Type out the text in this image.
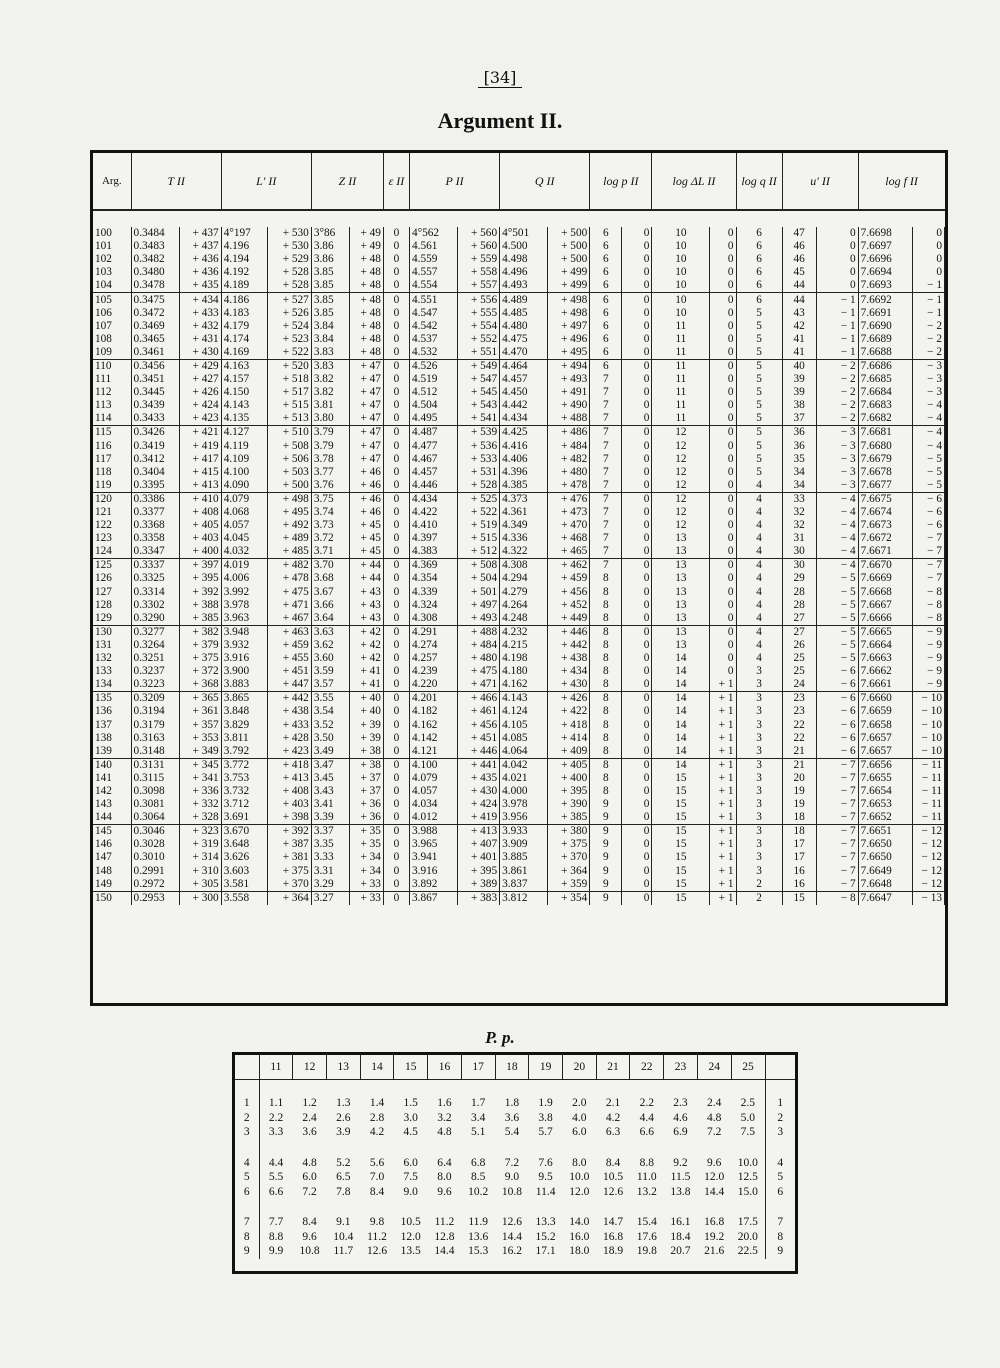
[34]
Argument II.
Arg.	T II		L′ II		Z II		ε II	P II		Q II		log p II		log ΔL II		log q II	u′ II		log f II	

100	0.3484	+ 437	4°197	+ 530	3°86	+ 49	0	4°562	+ 560	4°501	+ 500	6	0	10	0	6	47	0	7.6698	0
101	0.3483	+ 437	4.196	+ 530	3.86	+ 49	0	4.561	+ 560	4.500	+ 500	6	0	10	0	6	46	0	7.6697	0
102	0.3482	+ 436	4.194	+ 529	3.86	+ 48	0	4.559	+ 559	4.498	+ 500	6	0	10	0	6	46	0	7.6696	0
103	0.3480	+ 436	4.192	+ 528	3.85	+ 48	0	4.557	+ 558	4.496	+ 499	6	0	10	0	6	45	0	7.6694	0
104	0.3478	+ 435	4.189	+ 528	3.85	+ 48	0	4.554	+ 557	4.493	+ 499	6	0	10	0	6	44	0	7.6693	− 1
105	0.3475	+ 434	4.186	+ 527	3.85	+ 48	0	4.551	+ 556	4.489	+ 498	6	0	10	0	6	44	− 1	7.6692	− 1
106	0.3472	+ 433	4.183	+ 526	3.85	+ 48	0	4.547	+ 555	4.485	+ 498	6	0	10	0	5	43	− 1	7.6691	− 1
107	0.3469	+ 432	4.179	+ 524	3.84	+ 48	0	4.542	+ 554	4.480	+ 497	6	0	11	0	5	42	− 1	7.6690	− 2
108	0.3465	+ 431	4.174	+ 523	3.84	+ 48	0	4.537	+ 552	4.475	+ 496	6	0	11	0	5	41	− 1	7.6689	− 2
109	0.3461	+ 430	4.169	+ 522	3.83	+ 48	0	4.532	+ 551	4.470	+ 495	6	0	11	0	5	41	− 1	7.6688	− 2
110	0.3456	+ 429	4.163	+ 520	3.83	+ 47	0	4.526	+ 549	4.464	+ 494	6	0	11	0	5	40	− 2	7.6686	− 3
111	0.3451	+ 427	4.157	+ 518	3.82	+ 47	0	4.519	+ 547	4.457	+ 493	7	0	11	0	5	39	− 2	7.6685	− 3
112	0.3445	+ 426	4.150	+ 517	3.82	+ 47	0	4.512	+ 545	4.450	+ 491	7	0	11	0	5	39	− 2	7.6684	− 3
113	0.3439	+ 424	4.143	+ 515	3.81	+ 47	0	4.504	+ 543	4.442	+ 490	7	0	11	0	5	38	− 2	7.6683	− 4
114	0.3433	+ 423	4.135	+ 513	3.80	+ 47	0	4.495	+ 541	4.434	+ 488	7	0	11	0	5	37	− 2	7.6682	− 4
115	0.3426	+ 421	4.127	+ 510	3.79	+ 47	0	4.487	+ 539	4.425	+ 486	7	0	12	0	5	36	− 3	7.6681	− 4
116	0.3419	+ 419	4.119	+ 508	3.79	+ 47	0	4.477	+ 536	4.416	+ 484	7	0	12	0	5	36	− 3	7.6680	− 4
117	0.3412	+ 417	4.109	+ 506	3.78	+ 47	0	4.467	+ 533	4.406	+ 482	7	0	12	0	5	35	− 3	7.6679	− 5
118	0.3404	+ 415	4.100	+ 503	3.77	+ 46	0	4.457	+ 531	4.396	+ 480	7	0	12	0	5	34	− 3	7.6678	− 5
119	0.3395	+ 413	4.090	+ 500	3.76	+ 46	0	4.446	+ 528	4.385	+ 478	7	0	12	0	4	34	− 3	7.6677	− 5
120	0.3386	+ 410	4.079	+ 498	3.75	+ 46	0	4.434	+ 525	4.373	+ 476	7	0	12	0	4	33	− 4	7.6675	− 6
121	0.3377	+ 408	4.068	+ 495	3.74	+ 46	0	4.422	+ 522	4.361	+ 473	7	0	12	0	4	32	− 4	7.6674	− 6
122	0.3368	+ 405	4.057	+ 492	3.73	+ 45	0	4.410	+ 519	4.349	+ 470	7	0	12	0	4	32	− 4	7.6673	− 6
123	0.3358	+ 403	4.045	+ 489	3.72	+ 45	0	4.397	+ 515	4.336	+ 468	7	0	13	0	4	31	− 4	7.6672	− 7
124	0.3347	+ 400	4.032	+ 485	3.71	+ 45	0	4.383	+ 512	4.322	+ 465	7	0	13	0	4	30	− 4	7.6671	− 7
125	0.3337	+ 397	4.019	+ 482	3.70	+ 44	0	4.369	+ 508	4.308	+ 462	7	0	13	0	4	30	− 4	7.6670	− 7
126	0.3325	+ 395	4.006	+ 478	3.68	+ 44	0	4.354	+ 504	4.294	+ 459	8	0	13	0	4	29	− 5	7.6669	− 7
127	0.3314	+ 392	3.992	+ 475	3.67	+ 43	0	4.339	+ 501	4.279	+ 456	8	0	13	0	4	28	− 5	7.6668	− 8
128	0.3302	+ 388	3.978	+ 471	3.66	+ 43	0	4.324	+ 497	4.264	+ 452	8	0	13	0	4	28	− 5	7.6667	− 8
129	0.3290	+ 385	3.963	+ 467	3.64	+ 43	0	4.308	+ 493	4.248	+ 449	8	0	13	0	4	27	− 5	7.6666	− 8
130	0.3277	+ 382	3.948	+ 463	3.63	+ 42	0	4.291	+ 488	4.232	+ 446	8	0	13	0	4	27	− 5	7.6665	− 9
131	0.3264	+ 379	3.932	+ 459	3.62	+ 42	0	4.274	+ 484	4.215	+ 442	8	0	13	0	4	26	− 5	7.6664	− 9
132	0.3251	+ 375	3.916	+ 455	3.60	+ 42	0	4.257	+ 480	4.198	+ 438	8	0	14	0	4	25	− 5	7.6663	− 9
133	0.3237	+ 372	3.900	+ 451	3.59	+ 41	0	4.239	+ 475	4.180	+ 434	8	0	14	0	3	25	− 6	7.6662	− 9
134	0.3223	+ 368	3.883	+ 447	3.57	+ 41	0	4.220	+ 471	4.162	+ 430	8	0	14	+ 1	3	24	− 6	7.6661	− 9
135	0.3209	+ 365	3.865	+ 442	3.55	+ 40	0	4.201	+ 466	4.143	+ 426	8	0	14	+ 1	3	23	− 6	7.6660	− 10
136	0.3194	+ 361	3.848	+ 438	3.54	+ 40	0	4.182	+ 461	4.124	+ 422	8	0	14	+ 1	3	23	− 6	7.6659	− 10
137	0.3179	+ 357	3.829	+ 433	3.52	+ 39	0	4.162	+ 456	4.105	+ 418	8	0	14	+ 1	3	22	− 6	7.6658	− 10
138	0.3163	+ 353	3.811	+ 428	3.50	+ 39	0	4.142	+ 451	4.085	+ 414	8	0	14	+ 1	3	22	− 6	7.6657	− 10
139	0.3148	+ 349	3.792	+ 423	3.49	+ 38	0	4.121	+ 446	4.064	+ 409	8	0	14	+ 1	3	21	− 6	7.6657	− 10
140	0.3131	+ 345	3.772	+ 418	3.47	+ 38	0	4.100	+ 441	4.042	+ 405	8	0	14	+ 1	3	21	− 7	7.6656	− 11
141	0.3115	+ 341	3.753	+ 413	3.45	+ 37	0	4.079	+ 435	4.021	+ 400	8	0	15	+ 1	3	20	− 7	7.6655	− 11
142	0.3098	+ 336	3.732	+ 408	3.43	+ 37	0	4.057	+ 430	4.000	+ 395	8	0	15	+ 1	3	19	− 7	7.6654	− 11
143	0.3081	+ 332	3.712	+ 403	3.41	+ 36	0	4.034	+ 424	3.978	+ 390	9	0	15	+ 1	3	19	− 7	7.6653	− 11
144	0.3064	+ 328	3.691	+ 398	3.39	+ 36	0	4.012	+ 419	3.956	+ 385	9	0	15	+ 1	3	18	− 7	7.6652	− 11
145	0.3046	+ 323	3.670	+ 392	3.37	+ 35	0	3.988	+ 413	3.933	+ 380	9	0	15	+ 1	3	18	− 7	7.6651	− 12
146	0.3028	+ 319	3.648	+ 387	3.35	+ 35	0	3.965	+ 407	3.909	+ 375	9	0	15	+ 1	3	17	− 7	7.6650	− 12
147	0.3010	+ 314	3.626	+ 381	3.33	+ 34	0	3.941	+ 401	3.885	+ 370	9	0	15	+ 1	3	17	− 7	7.6650	− 12
148	0.2991	+ 310	3.603	+ 375	3.31	+ 34	0	3.916	+ 395	3.861	+ 364	9	0	15	+ 1	3	16	− 7	7.6649	− 12
149	0.2972	+ 305	3.581	+ 370	3.29	+ 33	0	3.892	+ 389	3.837	+ 359	9	0	15	+ 1	2	16	− 7	7.6648	− 12
150	0.2953	+ 300	3.558	+ 364	3.27	+ 33	0	3.867	+ 383	3.812	+ 354	9	0	15	+ 1	2	15	− 8	7.6647	− 13
P. p.
	11	12	13	14	15	16	17	18	19	20	21	22	23	24	25	

1	1.1	1.2	1.3	1.4	1.5	1.6	1.7	1.8	1.9	2.0	2.1	2.2	2.3	2.4	2.5	1
2	2.2	2.4	2.6	2.8	3.0	3.2	3.4	3.6	3.8	4.0	4.2	4.4	4.6	4.8	5.0	2
3	3.3	3.6	3.9	4.2	4.5	4.8	5.1	5.4	5.7	6.0	6.3	6.6	6.9	7.2	7.5	3

4	4.4	4.8	5.2	5.6	6.0	6.4	6.8	7.2	7.6	8.0	8.4	8.8	9.2	9.6	10.0	4
5	5.5	6.0	6.5	7.0	7.5	8.0	8.5	9.0	9.5	10.0	10.5	11.0	11.5	12.0	12.5	5
6	6.6	7.2	7.8	8.4	9.0	9.6	10.2	10.8	11.4	12.0	12.6	13.2	13.8	14.4	15.0	6

7	7.7	8.4	9.1	9.8	10.5	11.2	11.9	12.6	13.3	14.0	14.7	15.4	16.1	16.8	17.5	7
8	8.8	9.6	10.4	11.2	12.0	12.8	13.6	14.4	15.2	16.0	16.8	17.6	18.4	19.2	20.0	8
9	9.9	10.8	11.7	12.6	13.5	14.4	15.3	16.2	17.1	18.0	18.9	19.8	20.7	21.6	22.5	9
